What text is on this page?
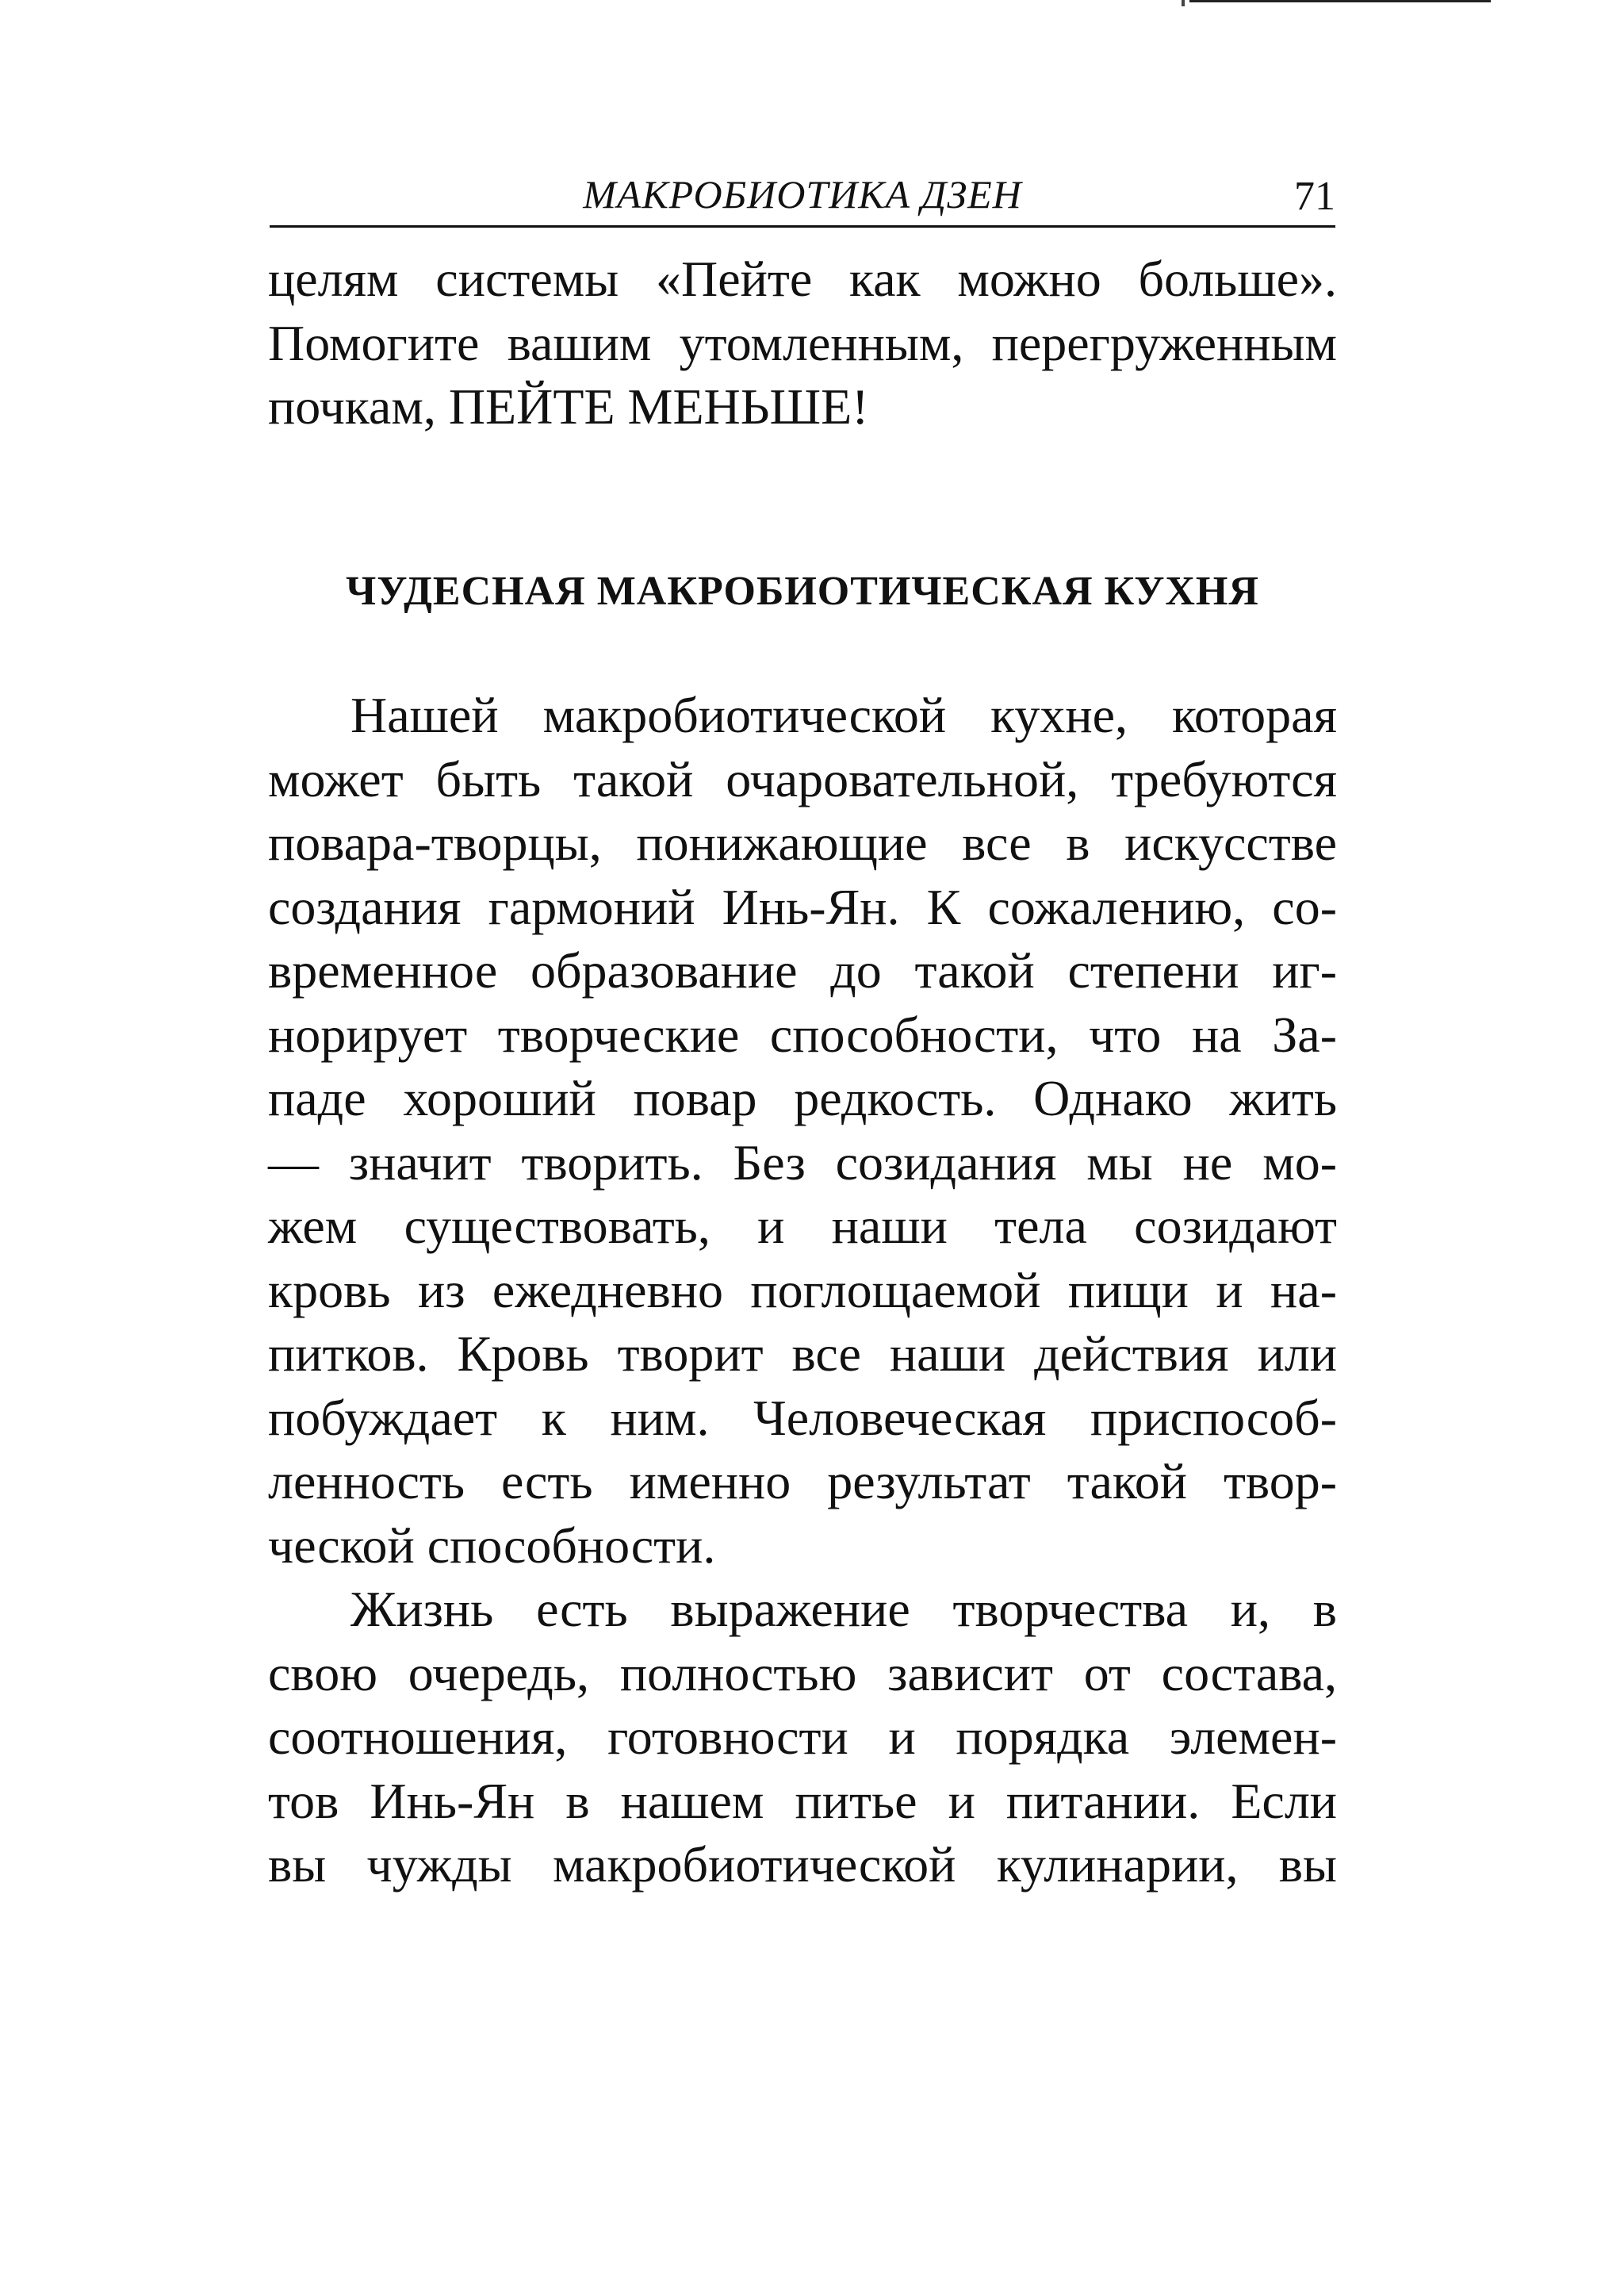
МАКРОБИОТИКА ДЗЕН	71
целям системы «Пейте как можно больше».
Помогите вашим утомленным, перегруженным
почкам, ПЕЙТЕ МЕНЬШЕ!
ЧУДЕСНАЯ МАКРОБИОТИЧЕСКАЯ КУХНЯ
Нашей макробиотической кухне, которая
может быть такой очаровательной, требуются
повара-творцы, понижающие все в искусстве
создания гармоний Инь-Ян. К сожалению, со-
временное образование до такой степени иг-
норирует творческие способности, что на За-
паде хороший повар редкость. Однако жить
— значит творить. Без созидания мы не мо-
жем существовать, и наши тела созидают
кровь из ежедневно поглощаемой пищи и на-
питков. Кровь творит все наши действия или
побуждает к ним. Человеческая приспособ-
ленность есть именно результат такой твор-
ческой способности.
Жизнь есть выражение творчества и, в
свою очередь, полностью зависит от состава,
соотношения, готовности и порядка элемен-
тов Инь-Ян в нашем питье и питании. Если
вы чужды макробиотической кулинарии, вы
